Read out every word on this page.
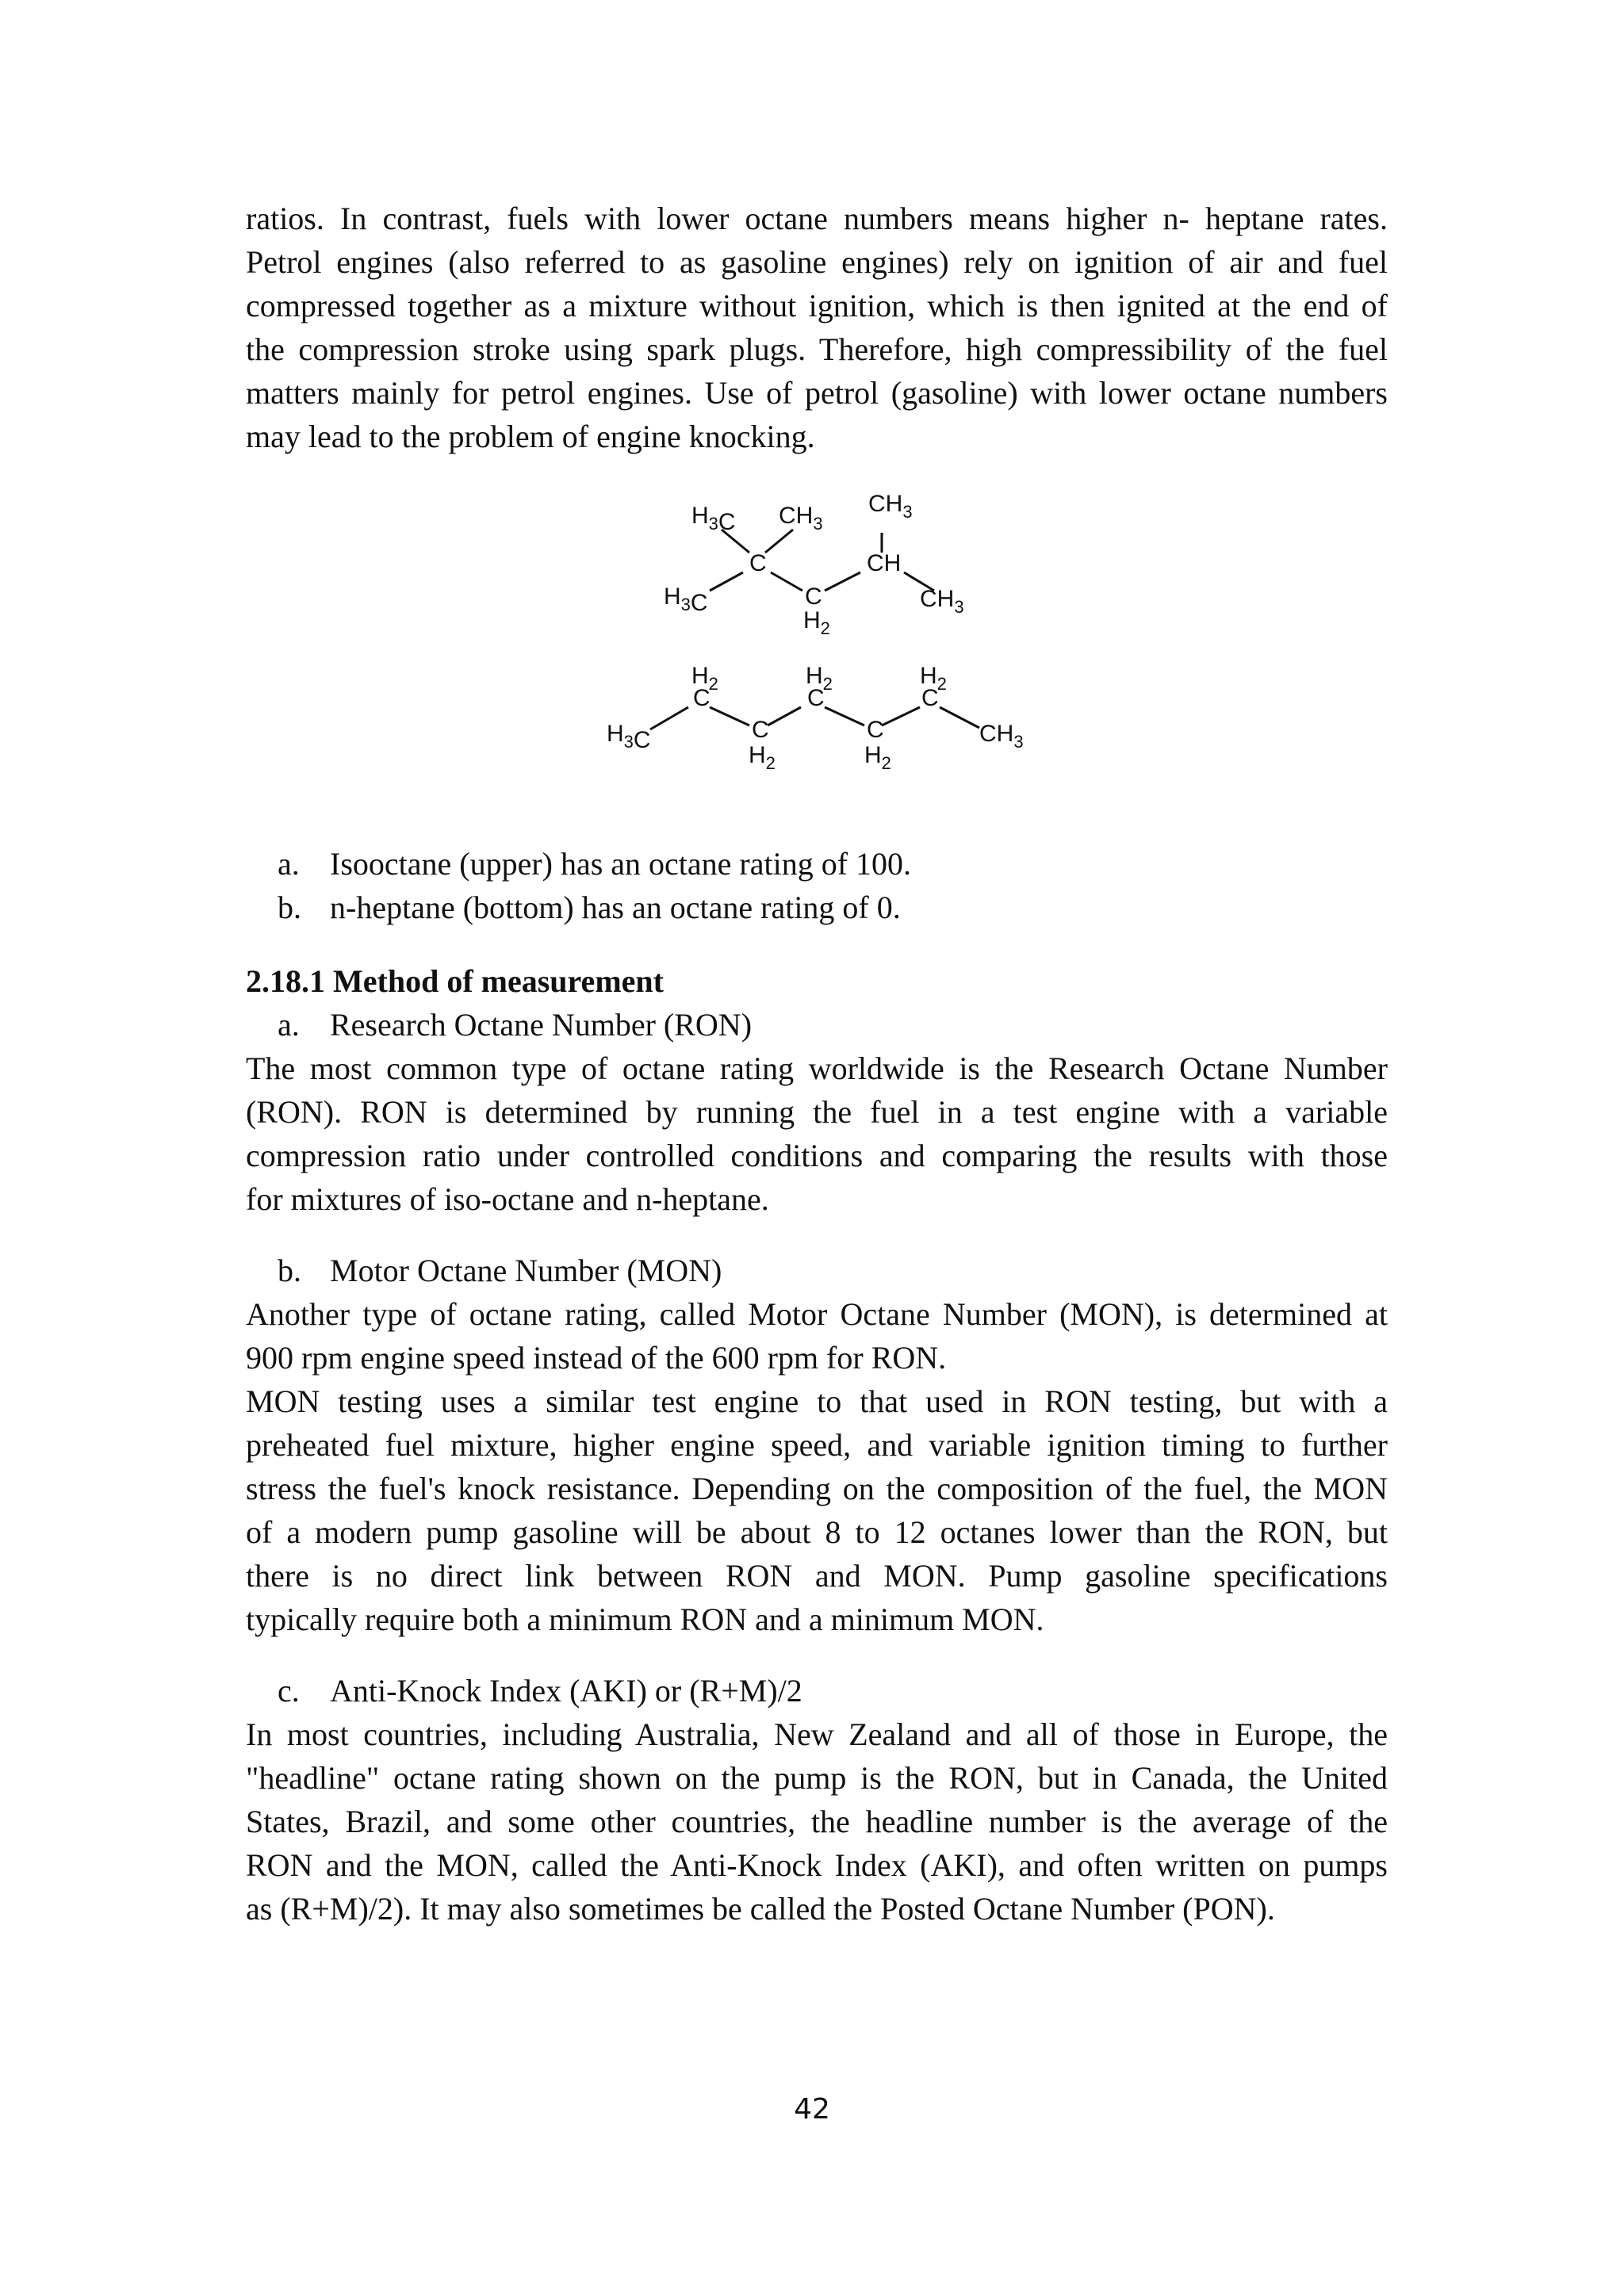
ratios. In contrast, fuels with lower octane numbers means higher n- heptane rates.
Petrol engines (also referred to as gasoline engines) rely on ignition of air and fuel
compressed together as a mixture without ignition, which is then ignited at the end of
the compression stroke using spark plugs. Therefore, high compressibility of the fuel
matters mainly for petrol engines. Use of petrol (gasoline) with lower octane numbers
may lead to the problem of engine knocking.
$H_3C$ $CH_3$
$CH_3$
C	CH
$H_3C$	C
$H_2$
$CH_3$
$H_3C$
$H_2$
C
C
$H_2$
$H_2$
C
C
$H_2$
$H_2$
C
$CH_3$

a. Isooctane (upper) has an octane rating of 100.

b. n-heptane (bottom) has an octane rating of 0.

2.18.1 Method of measurement

a. Research Octane Number (RON)

The most common type of octane rating worldwide is the Research Octane Number
(RON). RON is determined by running the fuel in a test engine with a variable
compression ratio under controlled conditions and comparing the results with those
for mixtures of iso-octane and n-heptane.

b. Motor Octane Number (MON)

Another type of octane rating, called Motor Octane Number (MON), is determined at
900 rpm engine speed instead of the 600 rpm for RON.
MON testing uses a similar test engine to that used in RON testing, but with a
preheated fuel mixture, higher engine speed, and variable ignition timing to further
stress the fuel's knock resistance. Depending on the composition of the fuel, the MON
of a modern pump gasoline will be about 8 to 12 octanes lower than the RON, but
there is no direct link between RON and MON. Pump gasoline specifications
typically require both a minimum RON and a minimum MON.

c. Anti-Knock Index (AKI) or (R+M)/2

In most countries, including Australia, New Zealand and all of those in Europe, the
"headline" octane rating shown on the pump is the RON, but in Canada, the United
States, Brazil, and some other countries, the headline number is the average of the
RON and the MON, called the Anti-Knock Index (AKI), and often written on pumps
as (R+M)/2). It may also sometimes be called the Posted Octane Number (PON).
42
